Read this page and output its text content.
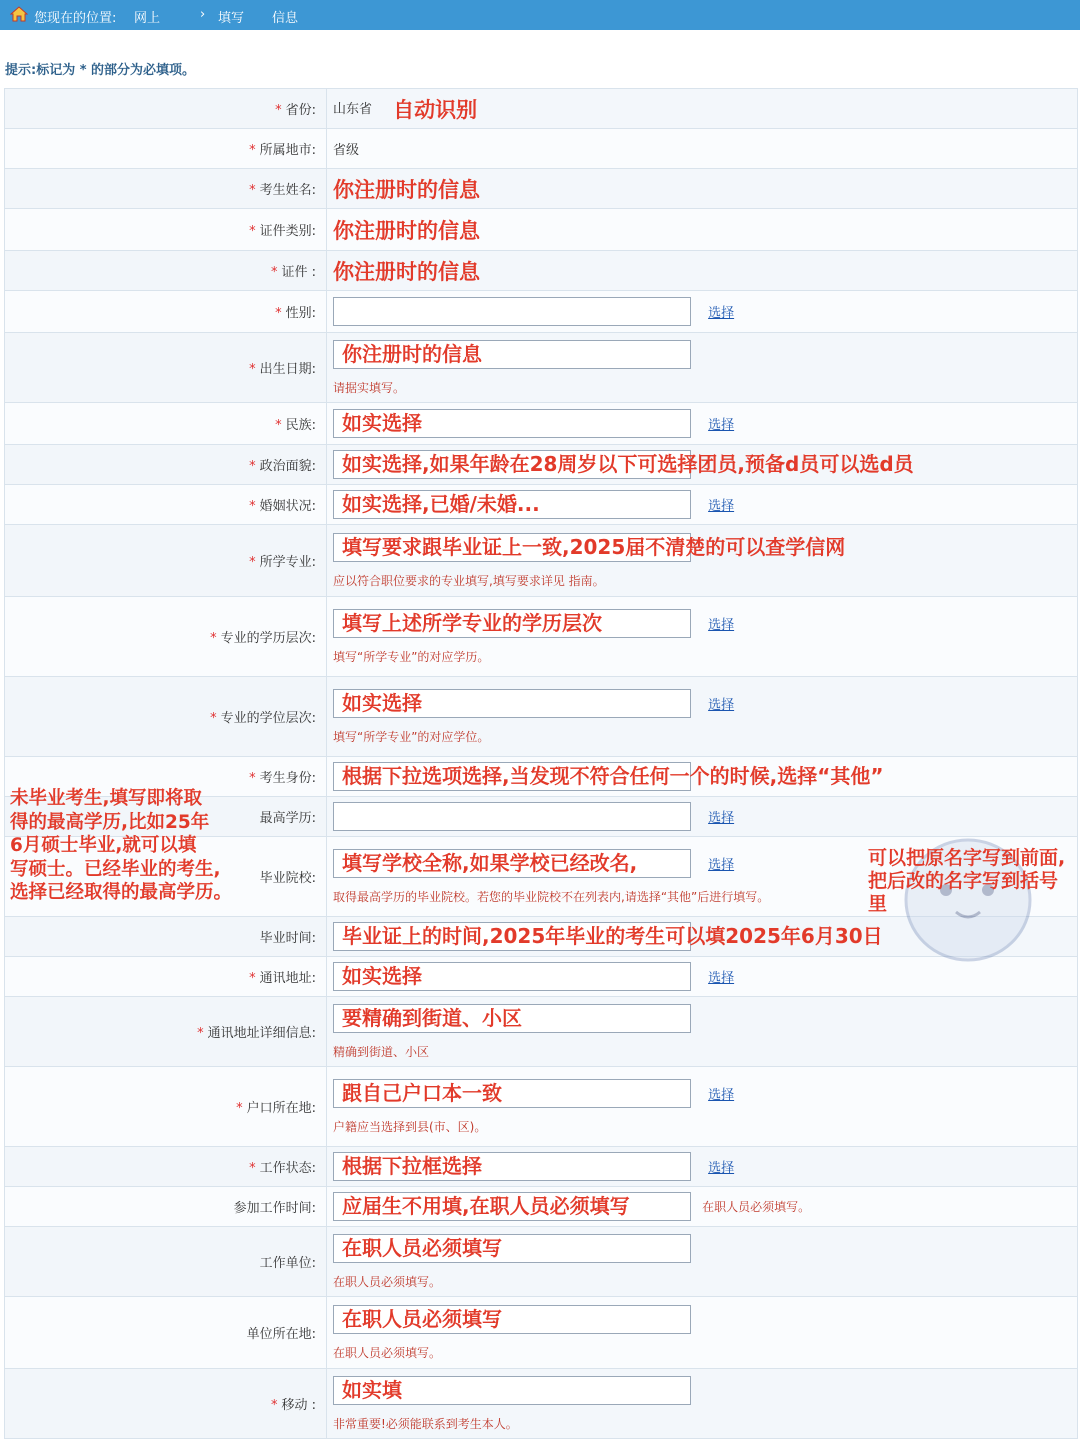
您现在的位置: 网上	› 填写 信息
提示:标记为 * 的部分为必填项。
* 省份:	山东省 自动识别
* 所属地市:	省级
* 考生姓名:	你注册时的信息
* 证件类别:	你注册时的信息
* 证件 :	你注册时的信息
* 性别:	选择
* 出生日期:	你注册时的信息
请据实填写。

* 民族:	如实选择 选择
* 政治面貌:	如实选择,如果年龄在28周岁以下可选择团员,预备d员可以选d员
* 婚姻状况:	如实选择,已婚/未婚... 选择
* 所学专业:	填写要求跟毕业证上一致,2025届不清楚的可以查学信网
应以符合职位要求的专业填写,填写要求详见 指南。

* 专业的学历层次:	填写上述所学专业的学历层次 选择
填写“所学专业”的对应学历。

* 专业的学位层次:	如实选择 选择
填写“所学专业”的对应学位。

* 考生身份:	根据下拉选项选择,当发现不符合任何一个的时候,选择“其他”
最高学历:	选择
毕业院校:	填写学校全称,如果学校已经改名, 选择
取得最高学历的毕业院校。若您的毕业院校不在列表内,请选择“其他”后进行填写。

毕业时间:	毕业证上的时间,2025年毕业的考生可以填2025年6月30日
* 通讯地址:	如实选择 选择
* 通讯地址详细信息:	要精确到街道、小区
精确到街道、小区

* 户口所在地:	跟自己户口本一致 选择
户籍应当选择到县(市、区)。

* 工作状态:	根据下拉框选择 选择
参加工作时间:	应届生不用填,在职人员必须填写 在职人员必须填写。
工作单位:	在职人员必须填写
在职人员必须填写。

单位所在地:	在职人员必须填写
在职人员必须填写。

* 移动 :	如实填
非常重要!必须能联系到考生本人。
未毕业考生,填写即将取
得的最高学历,比如25年
6月硕士毕业,就可以填
写硕士。已经毕业的考生,
选择已经取得的最高学历。
可以把原名字写到前面,把后改的名字写到括号里
